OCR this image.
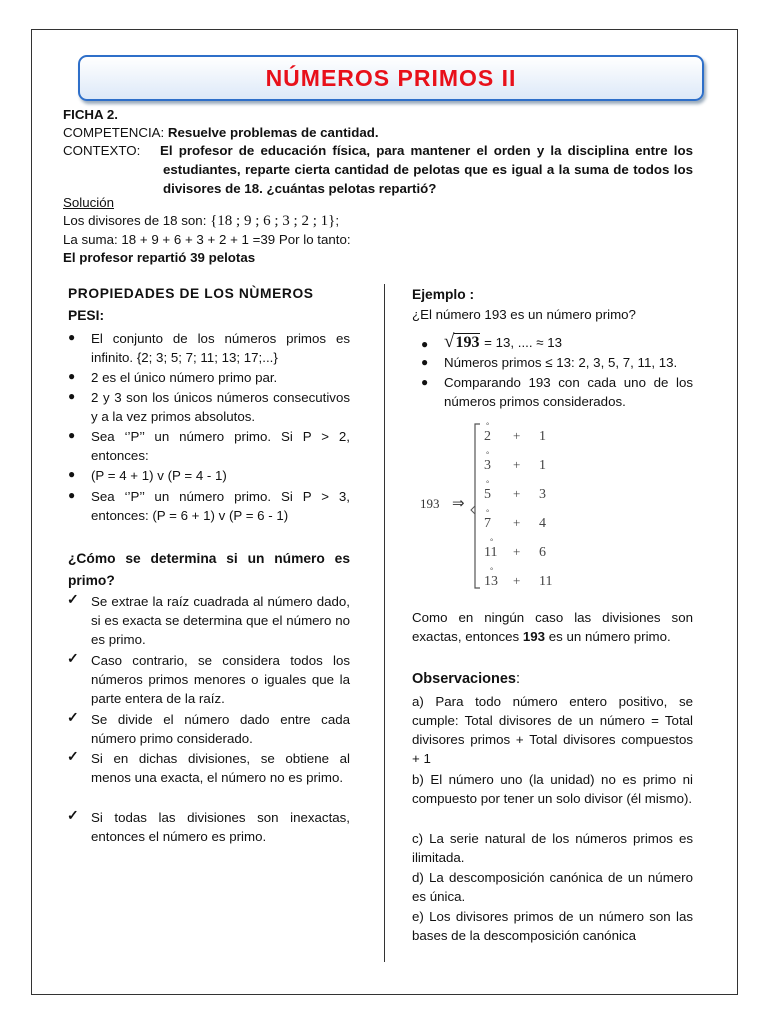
NÚMEROS PRIMOS II
FICHA 2.
COMPETENCIA: Resuelve problemas de cantidad.
CONTEXTO: El profesor de educación física, para mantener el orden y la disciplina entre los estudiantes, reparte cierta cantidad de pelotas que es igual a la suma de todos los divisores de 18. ¿cuántas pelotas repartió?
Solución
Los divisores de 18 son: {18 ; 9 ; 6 ; 3 ; 2 ; 1};
La suma: 18 + 9 + 6 + 3 + 2 + 1 =39 Por lo tanto:
El profesor repartió 39 pelotas
PROPIEDADES DE LOS NÙMEROS
PESI:
● El conjunto de los números primos es infinito. {2; 3; 5; 7; 11; 13; 17;...}
● 2 es el único número primo par.
● 2 y 3 son los únicos números consecutivos y a la vez primos absolutos.
● Sea ‘’P’’ un número primo. Si P > 2, entonces:
● (P = 4 + 1) v (P = 4 - 1)
● Sea ‘’P’’ un número primo. Si P > 3, entonces: (P = 6 + 1) v (P = 6 - 1)
¿Cómo se determina si un número es primo?
✓ Se extrae la raíz cuadrada al número dado, si es exacta se determina que el número no es primo.
✓ Caso contrario, se considera todos los números primos menores o iguales que la parte entera de la raíz.
✓ Se divide el número dado entre cada número primo considerado.
✓ Si en dichas divisiones, se obtiene al menos una exacta, el número no es primo.
✓ Si todas las divisiones son inexactas, entonces el número es primo.
Ejemplo :
¿El número 193 es un número primo?
● √193 = 13, .... ≈ 13
● Números primos ≤ 13: 2, 3, 5, 7, 11, 13.
● Comparando 193 con cada uno de los números primos considerados.
193 ⇒
2
°
+ 1
3
°
+ 1
5
°
+ 3
7
°
+ 4
11
°
+ 6
13
°
+ 11
Como en ningún caso las divisiones son exactas, entonces 193 es un número primo.
Observaciones:
a) Para todo número entero positivo, se cumple: Total divisores de un número = Total divisores primos + Total divisores compuestos + 1
b) El número uno (la unidad) no es primo ni compuesto por tener un solo divisor (él mismo).
c) La serie natural de los números primos es ilimitada.
d) La descomposición canónica de un número es única.
e) Los divisores primos de un número son las bases de la descomposición canónica
